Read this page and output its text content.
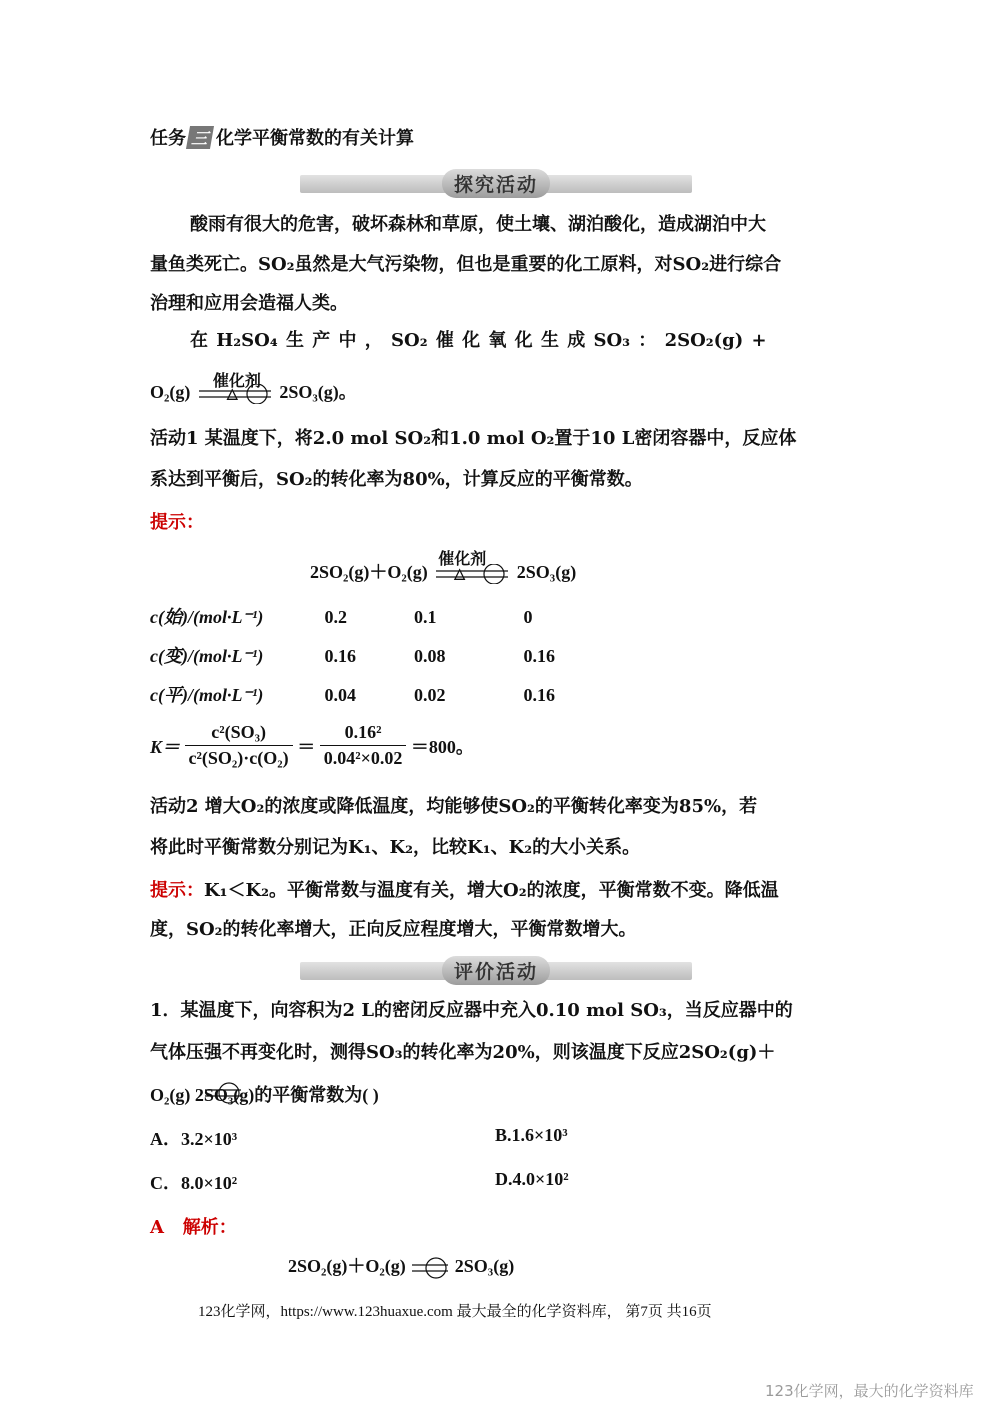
任务 三 化学平衡常数的有关计算
探究活动
酸雨有很大的危害，破坏森林和草原，使土壤、湖泊酸化，造成湖泊中大
量鱼类死亡。SO₂虽然是大气污染物，但也是重要的化工原料，对SO₂进行综合
治理和应用会造福人类。
在 H₂SO₄ 生 产 中 ， SO₂ 催 化 氧 化 生 成 SO₃ ： 2SO₂(g) +
O₂(g)
催化剂
△ 2SO₃(g)。
活动1 某温度下，将2.0 mol SO₂和1.0 mol O₂置于10 L密闭容器中，反应体
系达到平衡后，SO₂的转化率为80%，计算反应的平衡常数。
提示：
2SO₂(g)＋O₂(g)
催化剂
△	2SO₃(g)
c(始)/(mol·L⁻¹)	0.2	0.1	0
c(变)/(mol·L⁻¹)	0.16	0.08	0.16
c(平)/(mol·L⁻¹)	0.04	0.02	0.16
$K= \frac{\text{c²(SO₃)}}{\text{c²(SO₂)·c(O₂)}} = \frac{\text{0.16²}}{\text{0.04²×0.02}} =800$。
活动2 增大O₂的浓度或降低温度，均能够使SO₂的平衡转化率变为85%，若
将此时平衡常数分别记为K₁、K₂，比较K₁、K₂的大小关系。
提示：K₁＜K₂。平衡常数与温度有关，增大O₂的浓度，平衡常数不变。降低温
度，SO₂的转化率增大，正向反应程度增大，平衡常数增大。
评价活动
1．某温度下，向容积为2 L的密闭反应器中充入0.10 mol SO₃，当反应器中的
气体压强不再变化时，测得SO₃的转化率为20%，则该温度下反应2SO₂(g)＋
O₂(g) 2SO₃(g)的平衡常数为( )
A．3.2×10³	B.1.6×10³
C．8.0×10²	D.4.0×10²
A 解析：
2SO₂(g)＋O₂(g)	2SO₃(g)
123化学网，https://www.123huaxue.com 最大最全的化学资料库， 第7页 共16页
123化学网，最大的化学资料库
